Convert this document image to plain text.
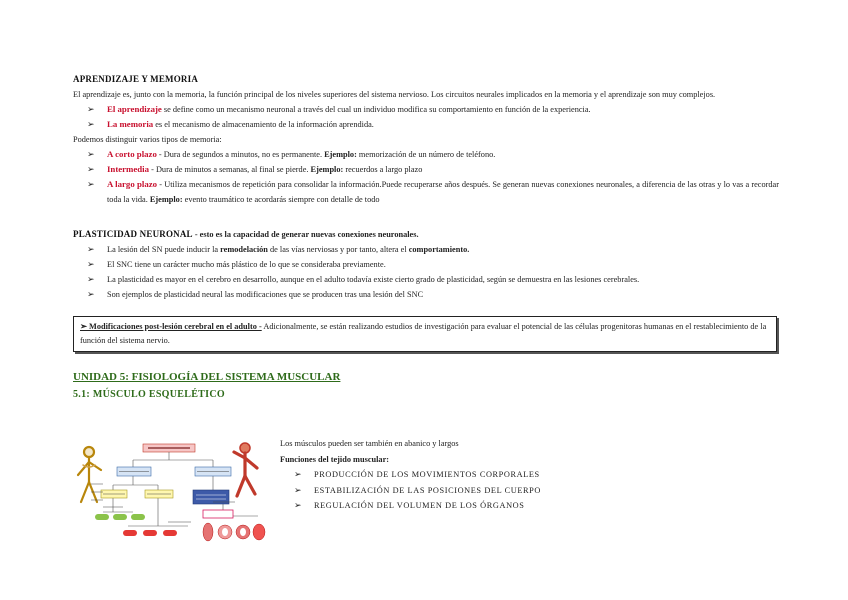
APRENDIZAJE Y MEMORIA
El aprendizaje es, junto con la memoria, la función principal de los niveles superiores del sistema nervioso. Los circuitos neurales implicados en la memoria y el aprendizaje son muy complejos.
➢ El aprendizaje se define como un mecanismo neuronal a través del cual un individuo modifica su comportamiento en función de la experiencia.
➢ La memoria es el mecanismo de almacenamiento de la información aprendida.
Podemos distinguir varios tipos de memoria:
➢ A corto plazo - Dura de segundos a minutos, no es permanente. Ejemplo: memorización de un número de teléfono.
➢ Intermedia - Dura de minutos a semanas, al final se pierde. Ejemplo: recuerdos a largo plazo
➢ A largo plazo - Utiliza mecanismos de repetición para consolidar la información.Puede recuperarse años después. Se generan nuevas conexiones neuronales, a diferencia de las otras y lo vas a recordar toda la vida. Ejemplo: evento traumático te acordarás siempre con detalle de todo
PLASTICIDAD NEURONAL - esto es la capacidad de generar nuevas conexiones neuronales.
➢ La lesión del SN puede inducir la remodelación de las vías nerviosas y por tanto, altera el comportamiento.
➢ El SNC tiene un carácter mucho más plástico de lo que se consideraba previamente.
➢ La plasticidad es mayor en el cerebro en desarrollo, aunque en el adulto todavía existe cierto grado de plasticidad, según se demuestra en las lesiones cerebrales.
➢ Son ejemplos de plasticidad neural las modificaciones que se producen tras una lesión del SNC
➢ Modificaciones post-lesión cerebral en el adulto - Adicionalmente, se están realizando estudios de investigación para evaluar el potencial de las células progenitoras humanas en el restablecimiento de la función del sistema nervio.
UNIDAD 5: FISIOLOGÍA DEL SISTEMA MUSCULAR
5.1: MÚSCULO ESQUELÉTICO
Los músculos pueden ser también en abanico y largos
Funciones del tejido muscular:
➢ PRODUCCIÓN DE LOS MOVIMIENTOS CORPORALES
➢ ESTABILIZACIÓN DE LAS POSICIONES DEL CUERPO
➢ REGULACIÓN DEL VOLUMEN DE LOS ÓRGANOS
